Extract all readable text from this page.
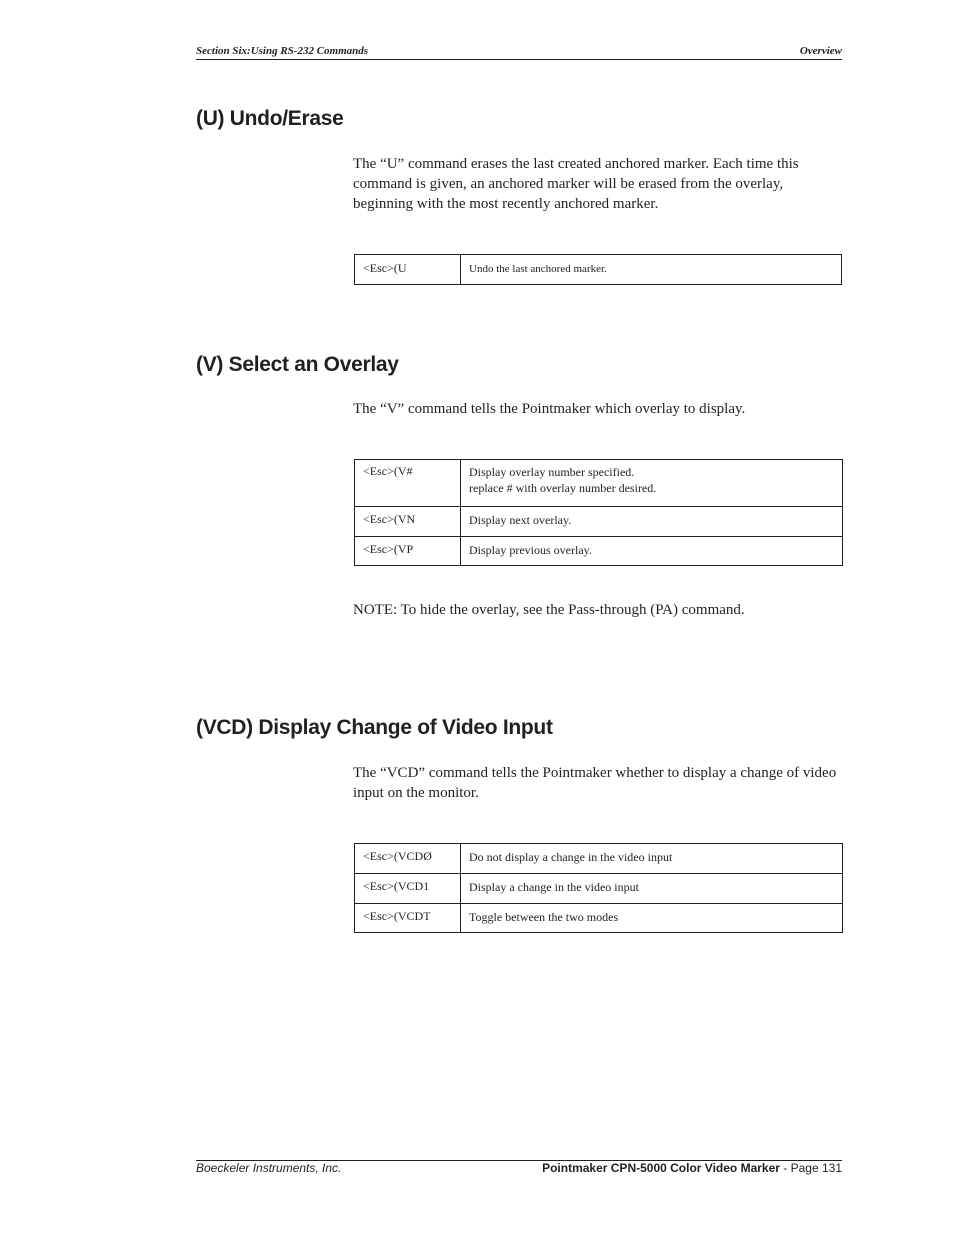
Section Six:Using RS-232 Commands	Overview
(U) Undo/Erase

The “U” command erases the last created anchored marker. Each time this command is given, an anchored marker will be erased from the overlay, beginning with the most recently anchored marker.

<Esc>(U	Undo the last anchored marker.
(V) Select an Overlay

The “V” command tells the Pointmaker which overlay to display.

<Esc>(V#	Display overlay number specified.
replace # with overlay number desired.

<Esc>(VN	Display next overlay.

<Esc>(VP	Display previous overlay.

NOTE: To hide the overlay, see the Pass-through (PA) command.

(VCD) Display Change of Video Input

The “VCD” command tells the Pointmaker whether to display a change of video input on the monitor.

<Esc>(VCDØ	Do not display a change in the video input

<Esc>(VCD1	Display a change in the video input

<Esc>(VCDT	Toggle between the two modes
Boeckeler Instruments, Inc.	Pointmaker CPN-5000 Color Video Marker - Page 131
